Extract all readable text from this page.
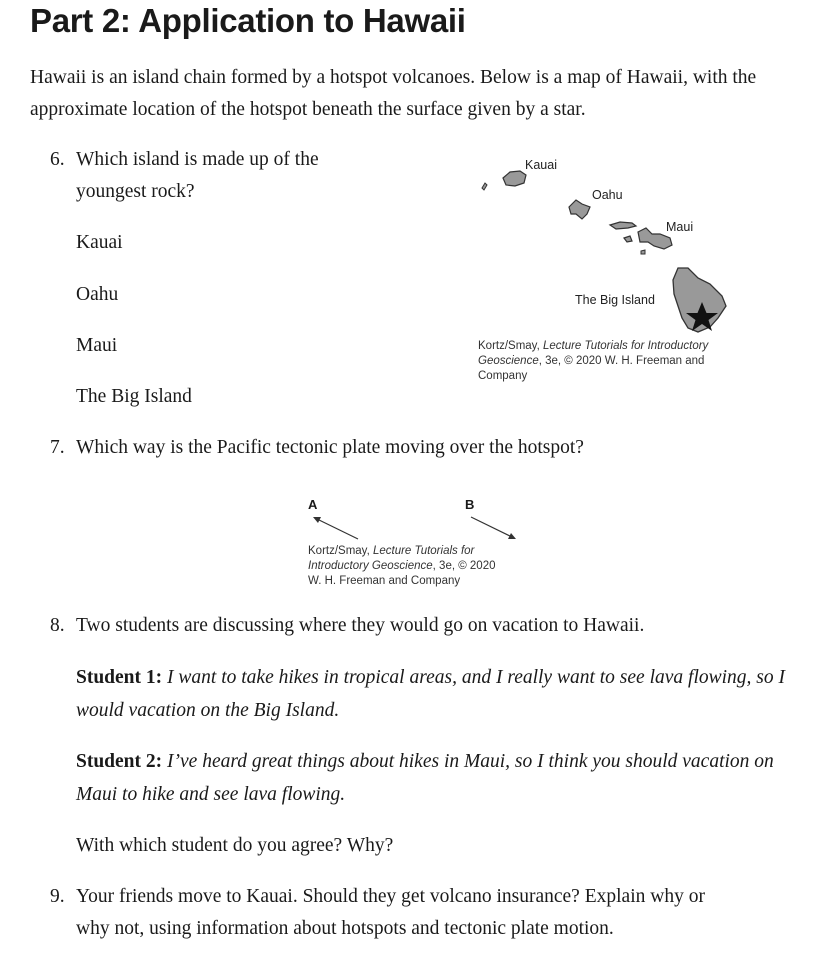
Part 2: Application to Hawaii

Hawaii is an island chain formed by a hotspot volcanoes. Below is a map of Hawaii, with the approximate location of the hotspot beneath the surface given by a star.

6. Which island is made up of the
youngest rock?
Kauai
Oahu
Maui
The Big Island
Kauai
Oahu
Maui
The Big Island
Kortz/Smay, Lecture Tutorials for Introductory
Geoscience, 3e, © 2020 W. H. Freeman and
Company
7. Which way is the Pacific tectonic plate moving over the hotspot?
A	B
Kortz/Smay, Lecture Tutorials for
Introductory Geoscience, 3e, © 2020
W. H. Freeman and Company
8. Two students are discussing where they would go on vacation to Hawaii.
Student 1: I want to take hikes in tropical areas, and I really want to see lava flowing, so I would vacation on the Big Island.
Student 2: I’ve heard great things about hikes in Maui, so I think you should vacation on Maui to hike and see lava flowing.
With which student do you agree? Why?
9. Your friends move to Kauai. Should they get volcano insurance? Explain why or
why not, using information about hotspots and tectonic plate motion.
